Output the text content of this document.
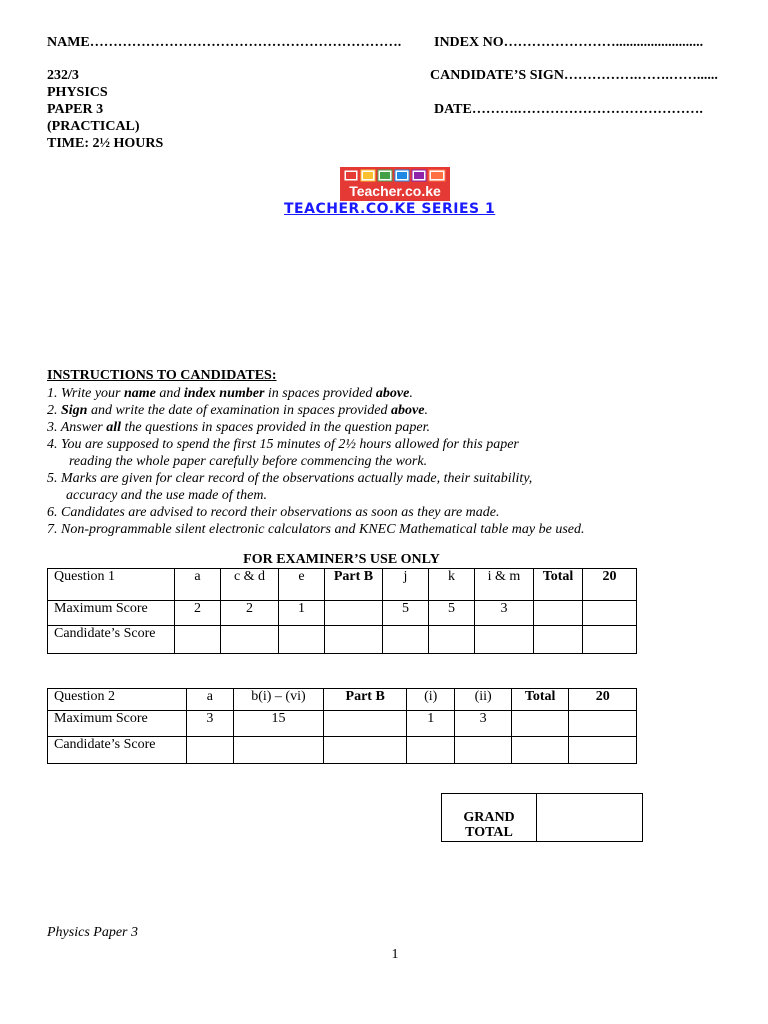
NAME…………………………………………………………. INDEX NO…………………….........................
232/3
PHYSICS
PAPER 3
(PRACTICAL)
TIME: 2½ HOURS
CANDIDATE’S SIGN…………….…….……......
DATE……….………………………………….
Teacher.co.ke
TEACHER.CO.KE SERIES 1
INSTRUCTIONS TO CANDIDATES:
1. Write your name and index number in spaces provided above.
2. Sign and write the date of examination in spaces provided above.
3. Answer all the questions in spaces provided in the question paper.
4. You are supposed to spend the first 15 minutes of 2½ hours allowed for this paper
reading the whole paper carefully before commencing the work.
5. Marks are given for clear record of the observations actually made, their suitability,
accuracy and the use made of them.
6. Candidates are advised to record their observations as soon as they are made.
7. Non-programmable silent electronic calculators and KNEC Mathematical table may be used.
FOR EXAMINER’S USE ONLY
Question 1	a	c & d	e	Part B	j	k	i & m	Total	20
Maximum Score	2	2	1		5	5	3		
Candidate’s Score									
Question 2	a	b(i) – (vi)	Part B	(i)	(ii)	Total	20
Maximum Score	3	15		1	3		
Candidate’s Score							
GRAND
TOTAL

Physics Paper 3
1
